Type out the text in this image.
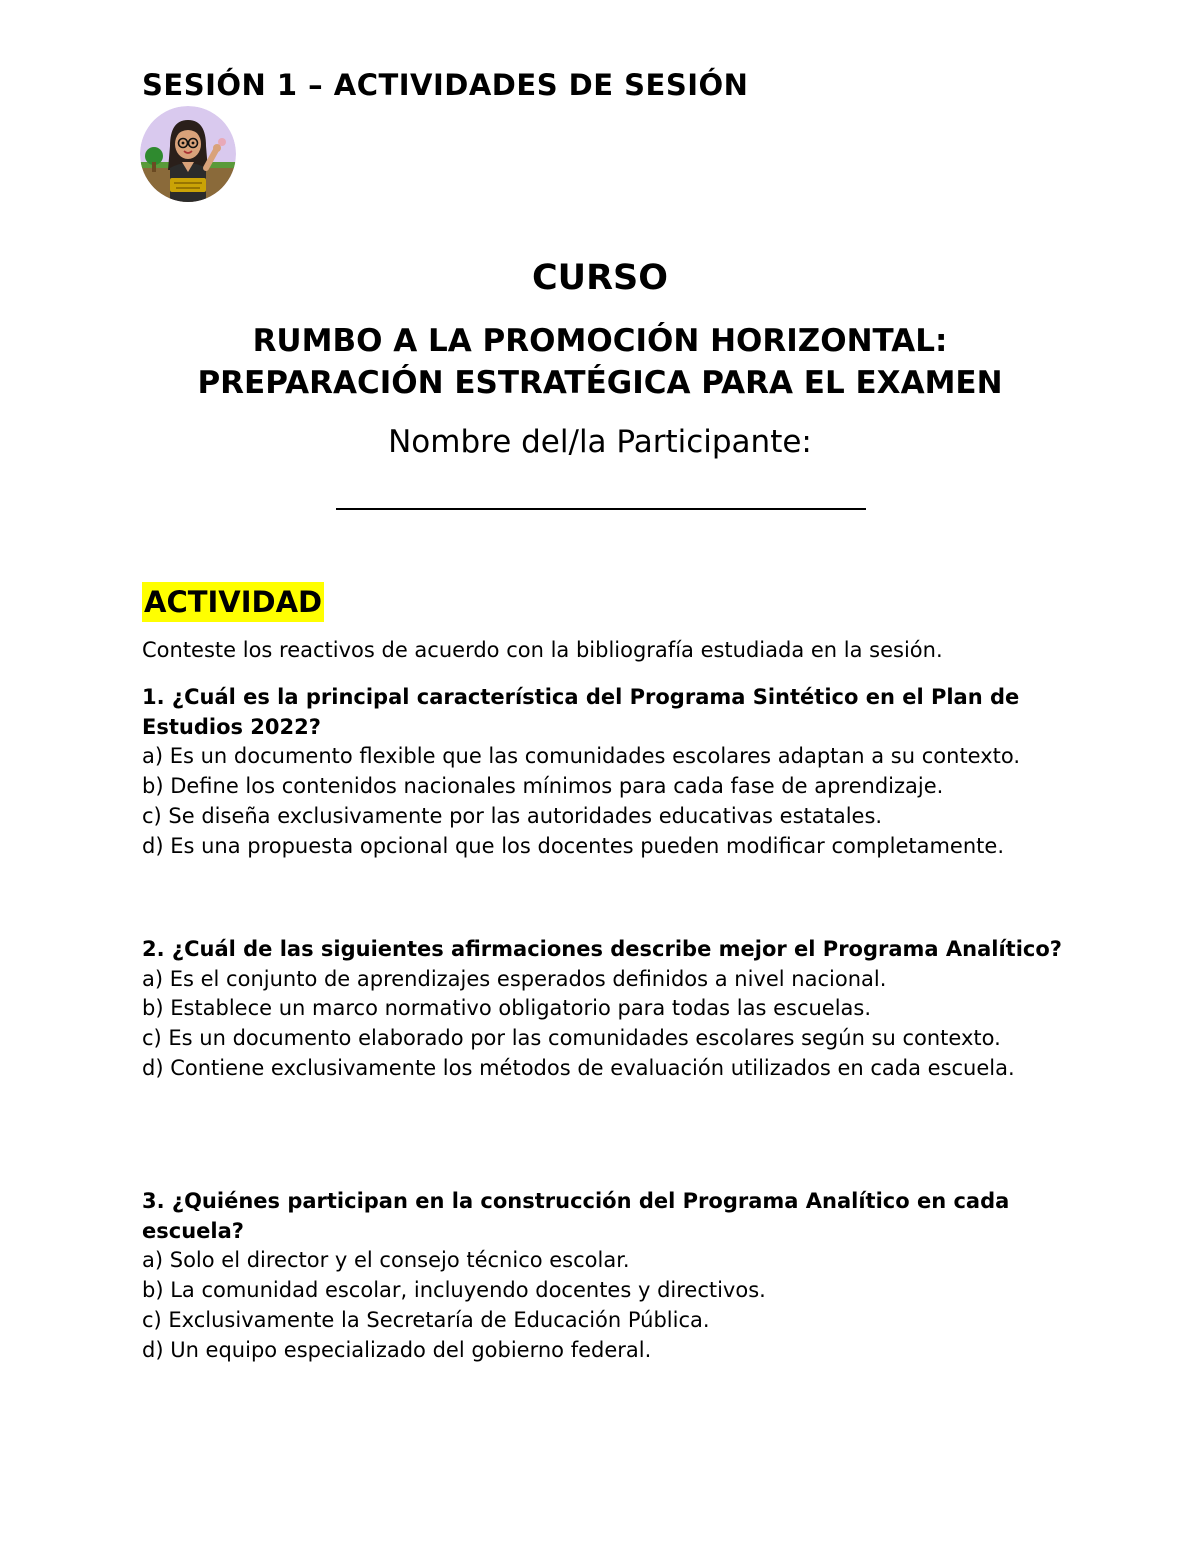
SESIÓN 1 – ACTIVIDADES DE SESIÓN
CURSO
RUMBO A LA PROMOCIÓN HORIZONTAL:
PREPARACIÓN ESTRATÉGICA PARA EL EXAMEN

Nombre del/la Participante:

ACTIVIDAD

Conteste los reactivos de acuerdo con la bibliografía estudiada en la sesión.

1. ¿Cuál es la principal característica del Programa Sintético en el Plan de Estudios 2022?

a) Es un documento flexible que las comunidades escolares adaptan a su contexto.

b) Define los contenidos nacionales mínimos para cada fase de aprendizaje.

c) Se diseña exclusivamente por las autoridades educativas estatales.

d) Es una propuesta opcional que los docentes pueden modificar completamente.

2. ¿Cuál de las siguientes afirmaciones describe mejor el Programa Analítico?

a) Es el conjunto de aprendizajes esperados definidos a nivel nacional.

b) Establece un marco normativo obligatorio para todas las escuelas.

c) Es un documento elaborado por las comunidades escolares según su contexto.

d) Contiene exclusivamente los métodos de evaluación utilizados en cada escuela.

3. ¿Quiénes participan en la construcción del Programa Analítico en cada escuela?

a) Solo el director y el consejo técnico escolar.

b) La comunidad escolar, incluyendo docentes y directivos.

c) Exclusivamente la Secretaría de Educación Pública.

d) Un equipo especializado del gobierno federal.
